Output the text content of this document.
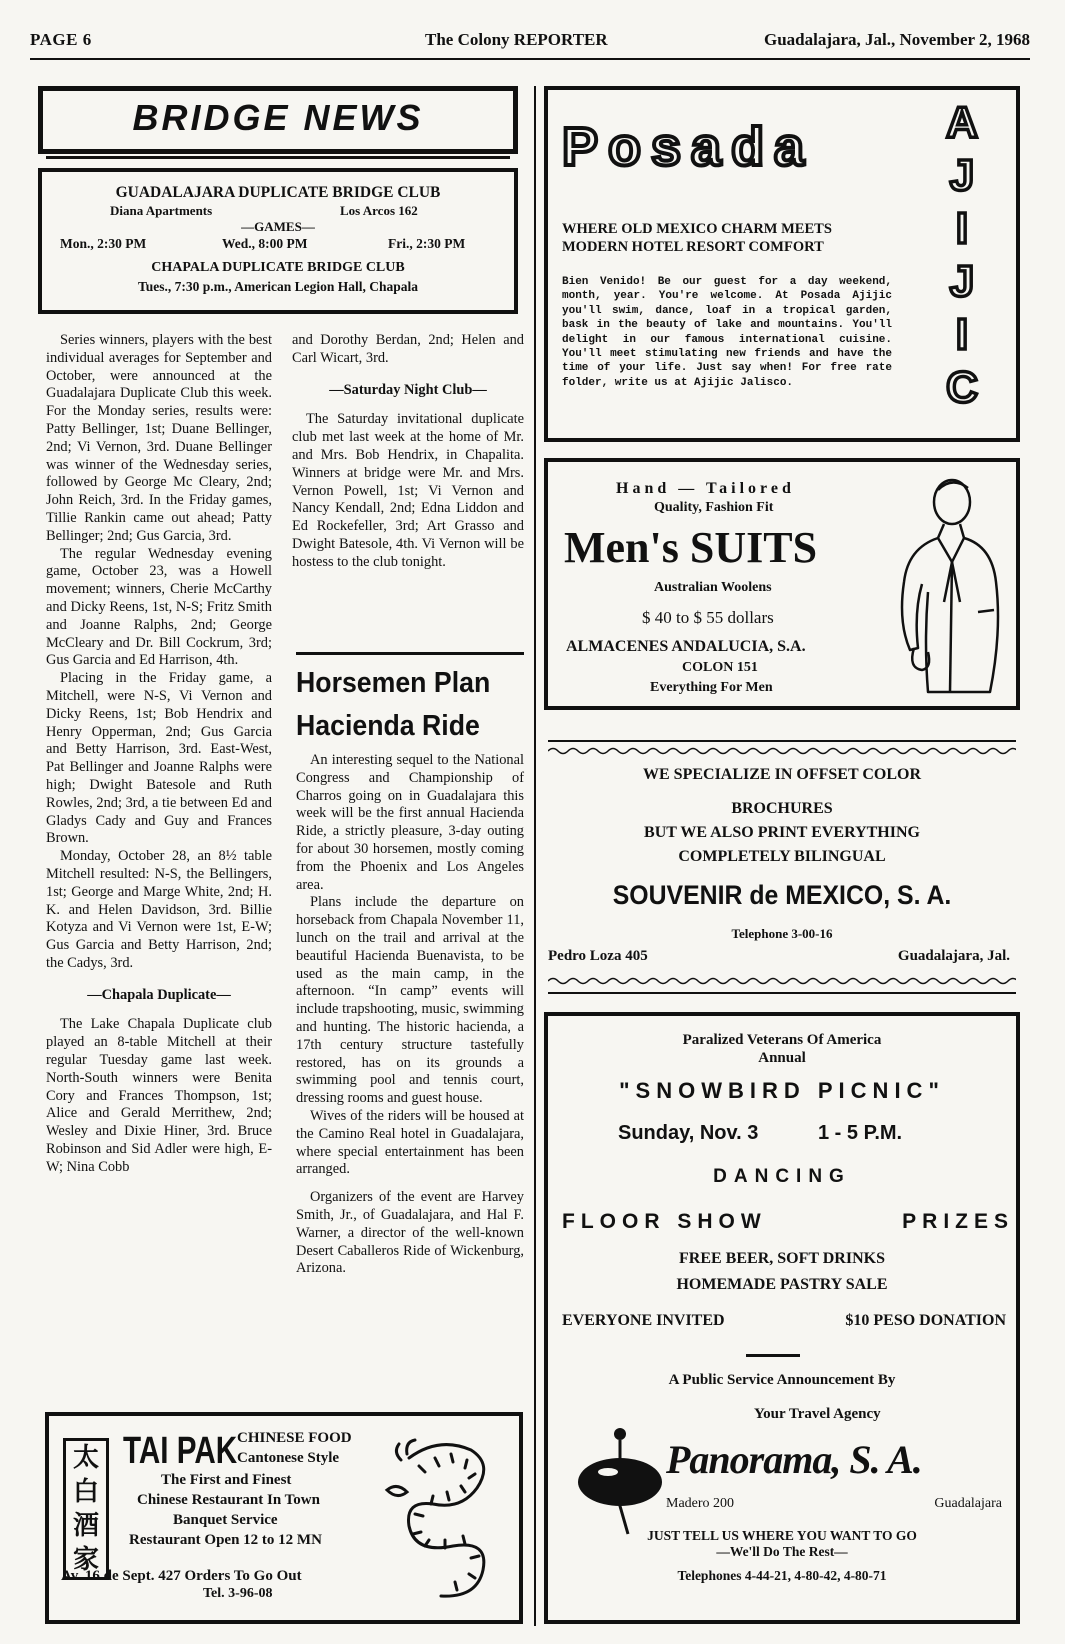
PAGE 6	The Colony REPORTER	Guadalajara, Jal., November 2, 1968
BRIDGE NEWS
GUADALAJARA DUPLICATE BRIDGE CLUB
Diana Apartments	Los Arcos 162
—GAMES—
Mon., 2:30 PM	Wed., 8:00 PM	Fri., 2:30 PM
CHAPALA DUPLICATE BRIDGE CLUB
Tues., 7:30 p.m., American Legion Hall, Chapala

Series winners, players with the best individual averages for September and October, were announced at the Guadalajara Duplicate Club this week. For the Monday series, results were: Patty Bellinger, 1st; Duane Bellinger, 2nd; Vi Vernon, 3rd. Duane Bellinger was winner of the Wednesday series, followed by George Mc Cleary, 2nd; John Reich, 3rd. In the Friday games, Tillie Rankin came out ahead; Patty Bellinger; 2nd; Gus Garcia, 3rd.

The regular Wednesday evening game, October 23, was a Howell movement; winners, Cherie McCarthy and Dicky Reens, 1st, N-S; Fritz Smith and Joanne Ralphs, 2nd; George McCleary and Dr. Bill Cockrum, 3rd; Gus Garcia and Ed Harrison, 4th.

Placing in the Friday game, a Mitchell, were N-S, Vi Vernon and Dicky Reens, 1st; Bob Hendrix and Henry Opperman, 2nd; Gus Garcia and Betty Harrison, 3rd. East-West, Pat Bellinger and Joanne Ralphs were high; Dwight Batesole and Ruth Rowles, 2nd; 3rd, a tie between Ed and Gladys Cady and Guy and Frances Brown.

Monday, October 28, an 8½ table Mitchell resulted: N-S, the Bellingers, 1st; George and Marge White, 2nd; H. K. and Helen Davidson, 3rd. Billie Kotyza and Vi Vernon were 1st, E-W; Gus Garcia and Betty Harrison, 2nd; the Cadys, 3rd.

—Chapala Duplicate—

The Lake Chapala Duplicate club played an 8-table Mitchell at their regular Tuesday game last week. North-South winners were Benita Cory and Frances Thompson, 1st; Alice and Gerald Merrithew, 2nd; Wesley and Dixie Hiner, 3rd. Bruce Robinson and Sid Adler were high, E-W; Nina Cobb

and Dorothy Berdan, 2nd; Helen and Carl Wicart, 3rd.

—Saturday Night Club—

The Saturday invitational duplicate club met last week at the home of Mr. and Mrs. Bob Hendrix, in Chapalita. Winners at bridge were Mr. and Mrs. Vernon Powell, 1st; Vi Vernon and Nancy Kendall, 2nd; Edna Liddon and Ed Rockefeller, 3rd; Art Grasso and Dwight Batesole, 4th. Vi Vernon will be hostess to the club tonight.

Horsemen Plan
Hacienda Ride

An interesting sequel to the National Congress and Championship of Charros going on in Guadalajara this week will be the first annual Hacienda Ride, a strictly pleasure, 3-day outing for about 30 horsemen, mostly coming from the Phoenix and Los Angeles area.

Plans include the departure on horseback from Chapala November 11, lunch on the trail and arrival at the beautiful Hacienda Buenavista, to be used as the main camp, in the afternoon. “In camp” events will include trapshooting, music, swimming and hunting. The historic hacienda, a 17th century structure tastefully restored, has on its grounds a swimming pool and tennis court, dressing rooms and guest house.

Wives of the riders will be housed at the Camino Real hotel in Guadalajara, where special entertainment has been arranged.

Organizers of the event are Harvey Smith, Jr., of Guadalajara, and Hal F. Warner, a director of the well-known Desert Caballeros Ride of Wickenburg, Arizona.

太白酒家
TAI PAK CHINESE FOOD
Cantonese Style
The First and Finest
Chinese Restaurant In Town
Banquet Service
Restaurant Open 12 to 12 MN
Av. 16 de Sept. 427 Orders To Go Out
Tel. 3-96-08
Posada	A
J
I
J
I
C
WHERE OLD MEXICO CHARM MEETS MODERN HOTEL RESORT COMFORT
Bien Venido! Be our guest for a day weekend, month, year. You're welcome. At Posada Ajijic you'll swim, dance, loaf in a tropical garden, bask in the beauty of lake and mountains. You'll delight in our famous international cuisine. You'll meet stimulating new friends and have the time of your life. Just say when! For free rate folder, write us at Ajijic Jalisco.
Hand — Tailored
Quality, Fashion Fit
Men's SUITS
Australian Woolens
$ 40 to $ 55 dollars
ALMACENES ANDALUCIA, S.A.
COLON 151
Everything For Men
WE SPECIALIZE IN OFFSET COLOR
BROCHURES
BUT WE ALSO PRINT EVERYTHING
COMPLETELY BILINGUAL
SOUVENIR de MEXICO, S. A.
Telephone 3-00-16
Pedro Loza 405	Guadalajara, Jal.
Paralized Veterans Of America
Annual
"SNOWBIRD PICNIC"
Sunday, Nov. 3	1 - 5 P.M.
DANCING
FLOOR SHOW	PRIZES
FREE BEER, SOFT DRINKS
HOMEMADE PASTRY SALE
EVERYONE INVITED	$10 PESO DONATION
A Public Service Announcement By
Your Travel Agency
Panorama, S. A.
Madero 200	Guadalajara
JUST TELL US WHERE YOU WANT TO GO
—We'll Do The Rest—
Telephones 4-44-21, 4-80-42, 4-80-71
